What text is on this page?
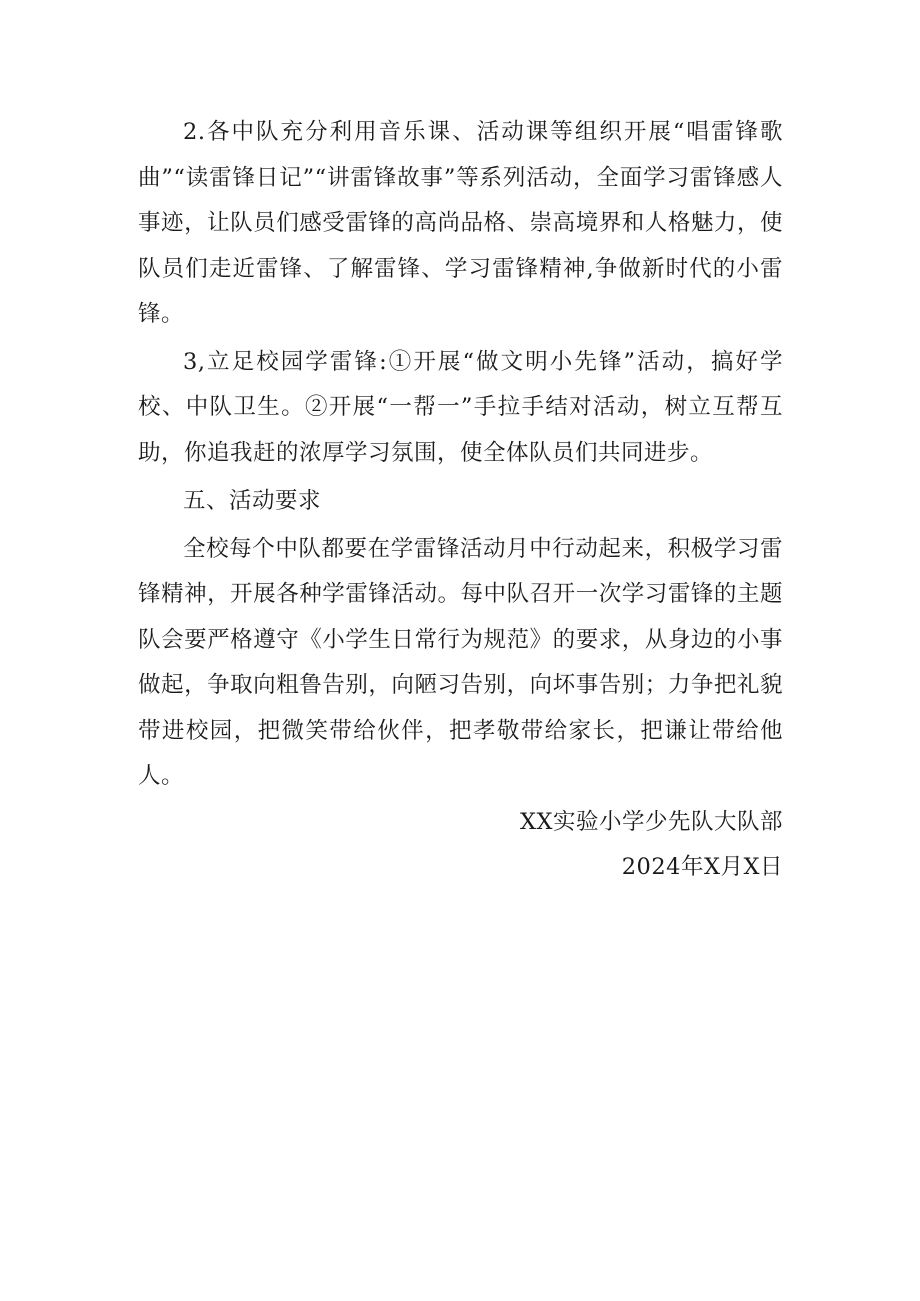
2.各中队充分利用音乐课、活动课等组织开展“唱雷锋歌曲”“读雷锋日记”“讲雷锋故事”等系列活动，全面学习雷锋感人事迹，让队员们感受雷锋的高尚品格、崇高境界和人格魅力，使队员们走近雷锋、了解雷锋、学习雷锋精神,争做新时代的小雷锋。

3,立足校园学雷锋:①开展“做文明小先锋”活动，搞好学校、中队卫生。②开展“一帮一”手拉手结对活动，树立互帮互助，你追我赶的浓厚学习氛围，使全体队员们共同进步。

五、活动要求

全校每个中队都要在学雷锋活动月中行动起来，积极学习雷锋精神，开展各种学雷锋活动。每中队召开一次学习雷锋的主题队会要严格遵守《小学生日常行为规范》的要求，从身边的小事做起，争取向粗鲁告别，向陋习告别，向坏事告别；力争把礼貌带进校园，把微笑带给伙伴，把孝敬带给家长，把谦让带给他人。

XX实验小学少先队大队部

2024年X月X日
